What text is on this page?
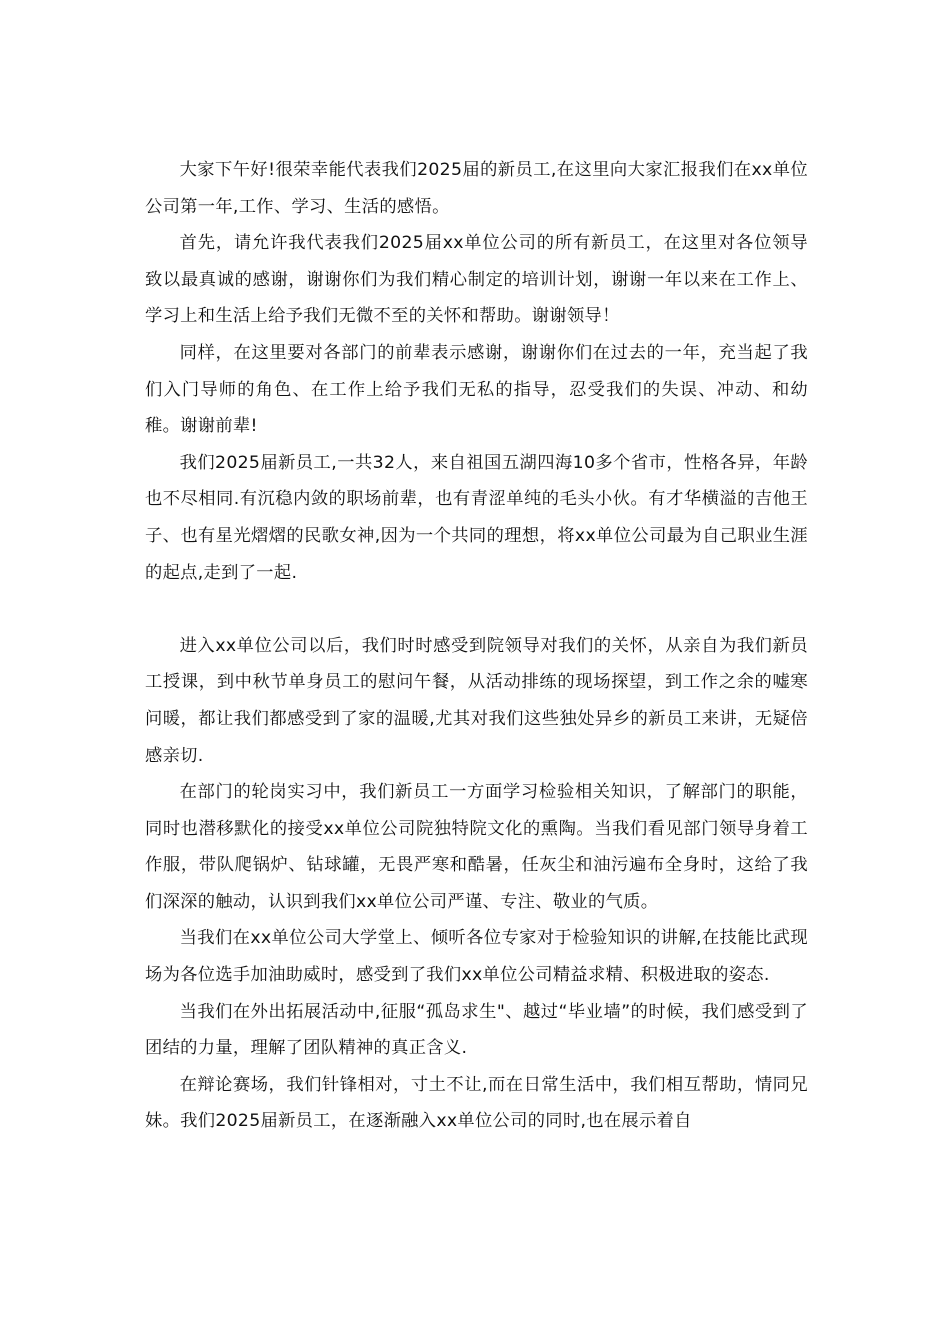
大家下午好!很荣幸能代表我们2025届的新员工,在这里向大家汇报我们在xx单位公司第一年,工作、学习、生活的感悟。

首先，请允许我代表我们2025届xx单位公司的所有新员工，在这里对各位领导致以最真诚的感谢，谢谢你们为我们精心制定的培训计划，谢谢一年以来在工作上、学习上和生活上给予我们无微不至的关怀和帮助。谢谢领导！

同样，在这里要对各部门的前辈表示感谢，谢谢你们在过去的一年，充当起了我们入门导师的角色、在工作上给予我们无私的指导，忍受我们的失误、冲动、和幼稚。谢谢前辈!

我们2025届新员工,一共32人，来自祖国五湖四海10多个省市，性格各异，年龄也不尽相同.有沉稳内敛的职场前辈，也有青涩单纯的毛头小伙。有才华横溢的吉他王子、也有星光熠熠的民歌女神,因为一个共同的理想，将xx单位公司最为自己职业生涯的起点,走到了一起.

进入xx单位公司以后，我们时时感受到院领导对我们的关怀，从亲自为我们新员工授课，到中秋节单身员工的慰问午餐，从活动排练的现场探望，到工作之余的嘘寒问暖，都让我们都感受到了家的温暖,尤其对我们这些独处异乡的新员工来讲，无疑倍感亲切.

在部门的轮岗实习中，我们新员工一方面学习检验相关知识，了解部门的职能，同时也潜移默化的接受xx单位公司院独特院文化的熏陶。当我们看见部门领导身着工作服，带队爬锅炉、钻球罐，无畏严寒和酷暑，任灰尘和油污遍布全身时，这给了我们深深的触动，认识到我们xx单位公司严谨、专注、敬业的气质。

当我们在xx单位公司大学堂上、倾听各位专家对于检验知识的讲解,在技能比武现场为各位选手加油助威时，感受到了我们xx单位公司精益求精、积极进取的姿态.

当我们在外出拓展活动中,征服“孤岛求生"、越过“毕业墙”的时候，我们感受到了团结的力量，理解了团队精神的真正含义.

在辩论赛场，我们针锋相对，寸土不让,而在日常生活中，我们相互帮助，情同兄妹。我们2025届新员工，在逐渐融入xx单位公司的同时,也在展示着自
